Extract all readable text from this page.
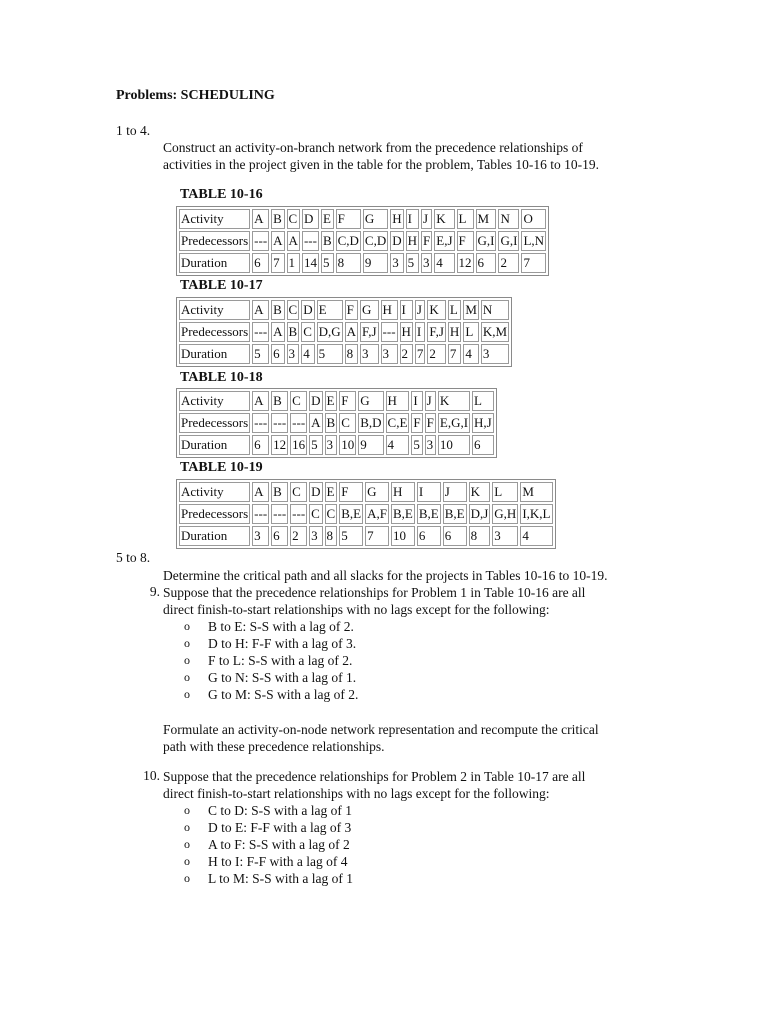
Problems: SCHEDULING
1 to 4.
Construct an activity-on-branch network from the precedence relationships of
activities in the project given in the table for the problem, Tables 10-16 to 10-19.
TABLE 10-16
Activity	A	B	C	D	E	F	G	H	I	J	K	L	M	N	O
Predecessors	---	A	A	---	B	C,D	C,D	D	H	F	E,J	F	G,I	G,I	L,N
Duration	6	7	1	14	5	8	9	3	5	3	4	12	6	2	7
TABLE 10-17
Activity	A	B	C	D	E	F	G	H	I	J	K	L	M	N
Predecessors	---	A	B	C	D,G	A	F,J	---	H	I	F,J	H	L	K,M
Duration	5	6	3	4	5	8	3	3	2	7	2	7	4	3
TABLE 10-18
Activity	A	B	C	D	E	F	G	H	I	J	K	L
Predecessors	---	---	---	A	B	C	B,D	C,E	F	F	E,G,I	H,J
Duration	6	12	16	5	3	10	9	4	5	3	10	6
TABLE 10-19
Activity	A	B	C	D	E	F	G	H	I	J	K	L	M
Predecessors	---	---	---	C	C	B,E	A,F	B,E	B,E	B,E	D,J	G,H	I,K,L
Duration	3	6	2	3	8	5	7	10	6	6	8	3	4
5 to 8.
Determine the critical path and all slacks for the projects in Tables 10-16 to 10-19.
9. Suppose that the precedence relationships for Problem 1 in Table 10-16 are all
direct finish-to-start relationships with no lags except for the following:
o B to E: S-S with a lag of 2.
o D to H: F-F with a lag of 3.
o F to L: S-S with a lag of 2.
o G to N: S-S with a lag of 1.
o G to M: S-S with a lag of 2.
Formulate an activity-on-node network representation and recompute the critical
path with these precedence relationships.
10. Suppose that the precedence relationships for Problem 2 in Table 10-17 are all
direct finish-to-start relationships with no lags except for the following:
o C to D: S-S with a lag of 1
o D to E: F-F with a lag of 3
o A to F: S-S with a lag of 2
o H to I: F-F with a lag of 4
o L to M: S-S with a lag of 1
